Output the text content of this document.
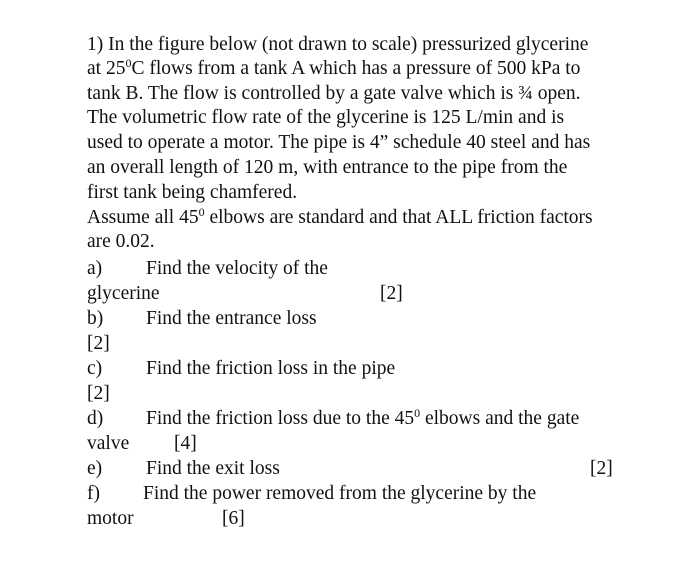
1) In the figure below (not drawn to scale) pressurized glycerine
at $25^0C$ flows from a tank A which has a pressure of 500 kPa to
tank B. The flow is controlled by a gate valve which is ¾ open.
The volumetric flow rate of the glycerine is 125 L/min and is
used to operate a motor. The pipe is 4” schedule 40 steel and has
an overall length of 120 m, with entrance to the pipe from the
first tank being chamfered.
Assume all $45^0$ elbows are standard and that ALL friction factors
are 0.02.
a) Find the velocity of the
glycerine	[2]
b) Find the entrance loss
[2]
c) Find the friction loss in the pipe
[2]
d) Find the friction loss due to the $45^0$ elbows and the gate
valve [4]
e) Find the exit loss	[2]
f) Find the power removed from the glycerine by the
motor	[6]
